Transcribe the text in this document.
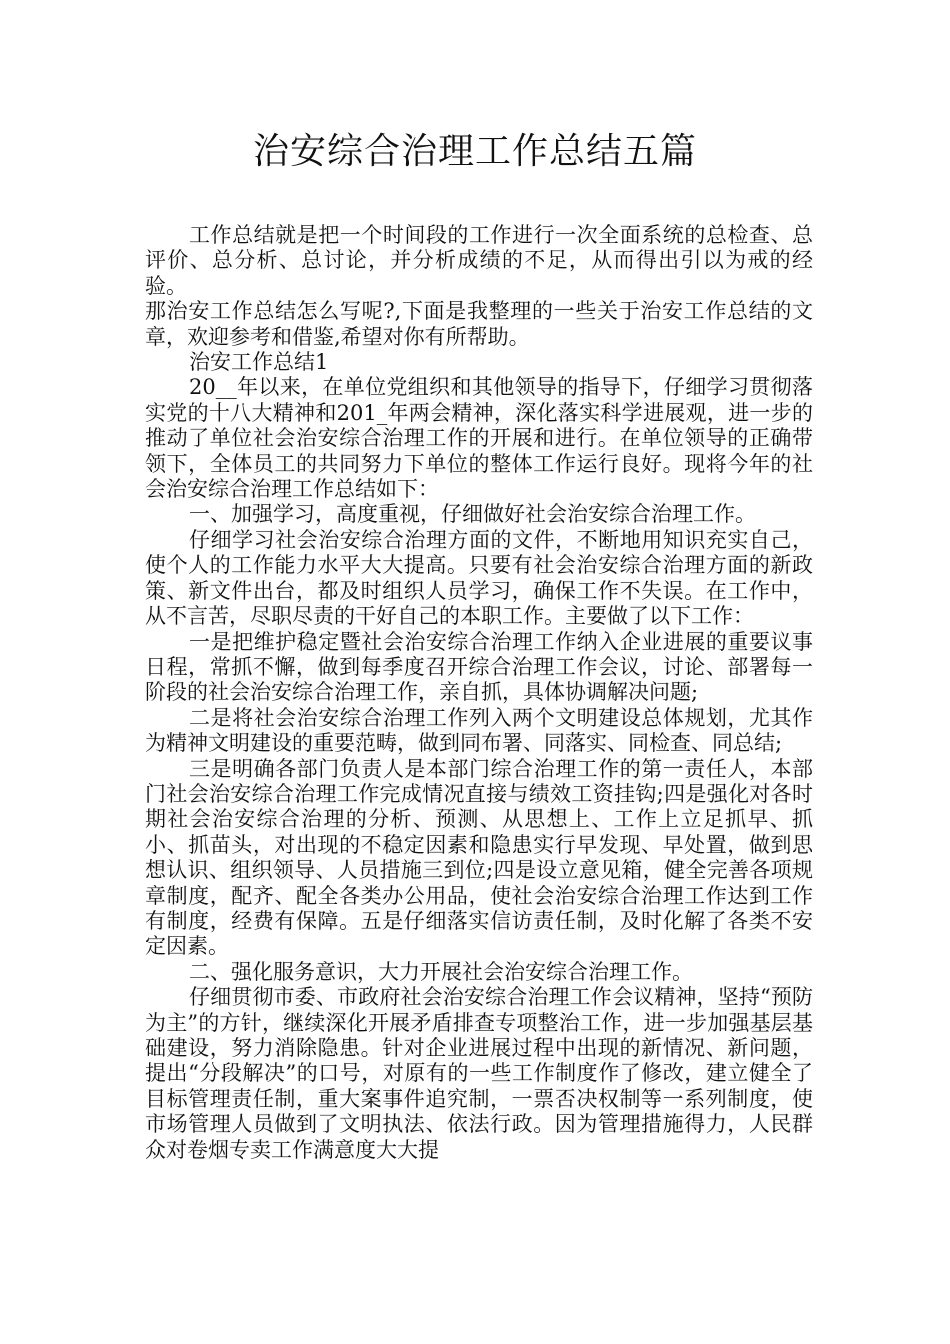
治安综合治理工作总结五篇

工作总结就是把一个时间段的工作进行一次全面系统的总检查、总评价、总分析、总讨论，并分析成绩的不足，从而得出引以为戒的经验。

那治安工作总结怎么写呢?,下面是我整理的一些关于治安工作总结的文章，欢迎参考和借鉴,希望对你有所帮助。

治安工作总结1

20__年以来，在单位党组织和其他领导的指导下，仔细学习贯彻落实党的十八大精神和201_年两会精神，深化落实科学进展观，进一步的推动了单位社会治安综合治理工作的开展和进行。在单位领导的正确带领下，全体员工的共同努力下单位的整体工作运行良好。现将今年的社会治安综合治理工作总结如下：

一、加强学习，高度重视，仔细做好社会治安综合治理工作。

仔细学习社会治安综合治理方面的文件，不断地用知识充实自己，使个人的工作能力水平大大提高。只要有社会治安综合治理方面的新政策、新文件出台，都及时组织人员学习，确保工作不失误。在工作中，从不言苦，尽职尽责的干好自己的本职工作。主要做了以下工作：

一是把维护稳定暨社会治安综合治理工作纳入企业进展的重要议事日程，常抓不懈，做到每季度召开综合治理工作会议，讨论、部署每一阶段的社会治安综合治理工作，亲自抓，具体协调解决问题;

二是将社会治安综合治理工作列入两个文明建设总体规划，尤其作为精神文明建设的重要范畴，做到同布署、同落实、同检查、同总结;

三是明确各部门负责人是本部门综合治理工作的第一责任人，本部门社会治安综合治理工作完成情况直接与绩效工资挂钩;四是强化对各时期社会治安综合治理的分析、预测、从思想上、工作上立足抓早、抓小、抓苗头，对出现的不稳定因素和隐患实行早发现、早处置，做到思想认识、组织领导、人员措施三到位;四是设立意见箱，健全完善各项规章制度，配齐、配全各类办公用品，使社会治安综合治理工作达到工作有制度，经费有保障。五是仔细落实信访责任制，及时化解了各类不安定因素。

二、强化服务意识，大力开展社会治安综合治理工作。

仔细贯彻市委、市政府社会治安综合治理工作会议精神，坚持“预防为主”的方针，继续深化开展矛盾排查专项整治工作，进一步加强基层基础建设，努力消除隐患。针对企业进展过程中出现的新情况、新问题，提出“分段解决”的口号，对原有的一些工作制度作了修改，建立健全了目标管理责任制，重大案事件追究制，一票否决权制等一系列制度，使市场管理人员做到了文明执法、依法行政。因为管理措施得力，人民群众对卷烟专卖工作满意度大大提
